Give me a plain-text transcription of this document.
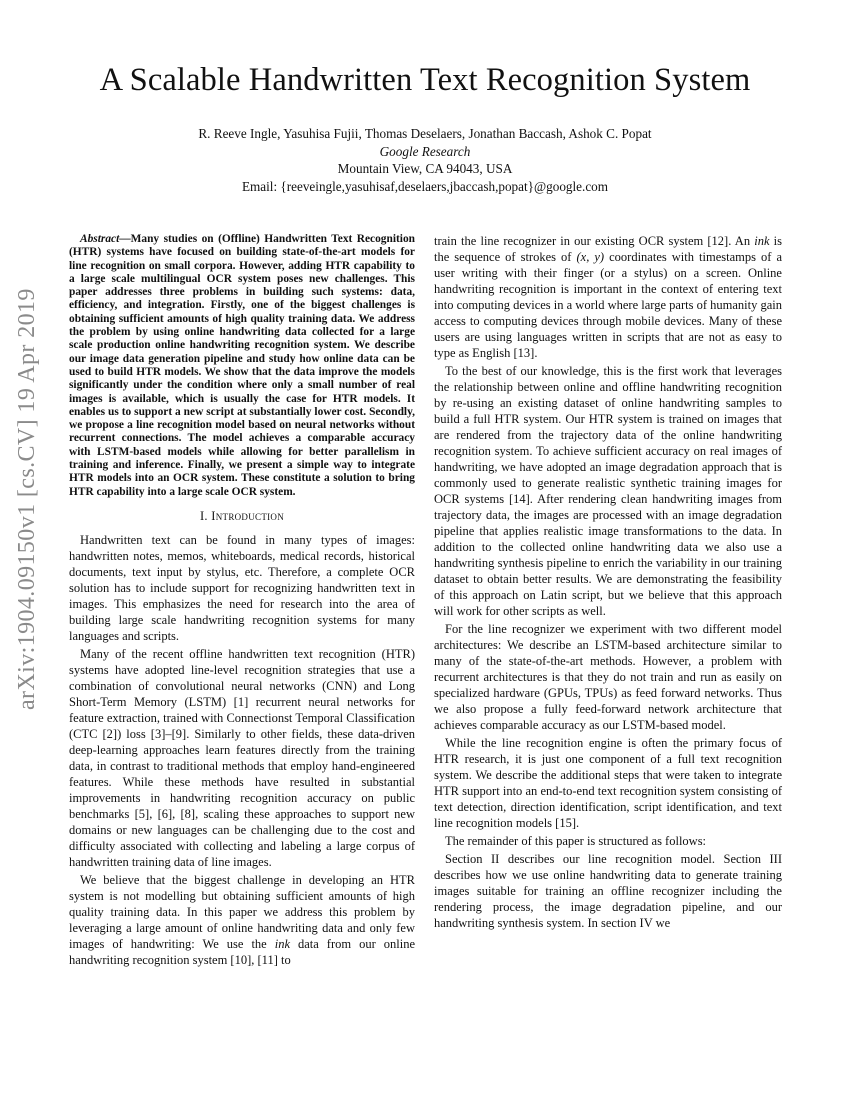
arXiv:1904.09150v1 [cs.CV] 19 Apr 2019
A Scalable Handwritten Text Recognition System
R. Reeve Ingle, Yasuhisa Fujii, Thomas Deselaers, Jonathan Baccash, Ashok C. Popat
Google Research
Mountain View, CA 94043, USA
Email: {reeveingle,yasuhisaf,deselaers,jbaccash,popat}@google.com

Abstract—Many studies on (Offline) Handwritten Text Recognition (HTR) systems have focused on building state-of-the-art models for line recognition on small corpora. However, adding HTR capability to a large scale multilingual OCR system poses new challenges. This paper addresses three problems in building such systems: data, efficiency, and integration. Firstly, one of the biggest challenges is obtaining sufficient amounts of high quality training data. We address the problem by using online handwriting data collected for a large scale production online handwriting recognition system. We describe our image data generation pipeline and study how online data can be used to build HTR models. We show that the data improve the models significantly under the condition where only a small number of real images is available, which is usually the case for HTR models. It enables us to support a new script at substantially lower cost. Secondly, we propose a line recognition model based on neural networks without recurrent connections. The model achieves a comparable accuracy with LSTM-based models while allowing for better parallelism in training and inference. Finally, we present a simple way to integrate HTR models into an OCR system. These constitute a solution to bring HTR capability into a large scale OCR system.

I. Introduction

Handwritten text can be found in many types of images: handwritten notes, memos, whiteboards, medical records, historical documents, text input by stylus, etc. Therefore, a complete OCR solution has to include support for recognizing handwritten text in images. This emphasizes the need for research into the area of building large scale handwriting recognition systems for many languages and scripts.

Many of the recent offline handwritten text recognition (HTR) systems have adopted line-level recognition strategies that use a combination of convolutional neural networks (CNN) and Long Short-Term Memory (LSTM) [1] recurrent neural networks for feature extraction, trained with Connectionst Temporal Classification (CTC [2]) loss [3]–[9]. Similarly to other fields, these data-driven deep-learning approaches learn features directly from the training data, in contrast to traditional methods that employ hand-engineered features. While these methods have resulted in substantial improvements in handwriting recognition accuracy on public benchmarks [5], [6], [8], scaling these approaches to support new domains or new languages can be challenging due to the cost and difficulty associated with collecting and labeling a large corpus of handwritten training data of line images.

We believe that the biggest challenge in developing an HTR system is not modelling but obtaining sufficient amounts of high quality training data. In this paper we address this problem by leveraging a large amount of online handwriting data and only few images of handwriting: We use the ink data from our online handwriting recognition system [10], [11] to

train the line recognizer in our existing OCR system [12]. An ink is the sequence of strokes of (x, y) coordinates with timestamps of a user writing with their finger (or a stylus) on a screen. Online handwriting recognition is important in the context of entering text into computing devices in a world where large parts of humanity gain access to computing devices through mobile devices. Many of these users are using languages written in scripts that are not as easy to type as English [13].

To the best of our knowledge, this is the first work that leverages the relationship between online and offline handwriting recognition by re-using an existing dataset of online handwriting samples to build a full HTR system. Our HTR system is trained on images that are rendered from the trajectory data of the online handwriting recognition system. To achieve sufficient accuracy on real images of handwriting, we have adopted an image degradation approach that is commonly used to generate realistic synthetic training images for OCR systems [14]. After rendering clean handwriting images from trajectory data, the images are processed with an image degradation pipeline that applies realistic image transformations to the data. In addition to the collected online handwriting data we also use a handwriting synthesis pipeline to enrich the variability in our training dataset to obtain better results. We are demonstrating the feasibility of this approach on Latin script, but we believe that this approach will work for other scripts as well.

For the line recognizer we experiment with two different model architectures: We describe an LSTM-based architecture similar to many of the state-of-the-art methods. However, a problem with recurrent architectures is that they do not train and run as easily on specialized hardware (GPUs, TPUs) as feed forward networks. Thus we also propose a fully feed-forward network architecture that achieves comparable accuracy as our LSTM-based model.

While the line recognition engine is often the primary focus of HTR research, it is just one component of a full text recognition system. We describe the additional steps that were taken to integrate HTR support into an end-to-end text recognition system consisting of text detection, direction identification, script identification, and text line recognition models [15].

The remainder of this paper is structured as follows:

Section II describes our line recognition model. Section III describes how we use online handwriting data to generate training images suitable for training an offline recognizer including the rendering process, the image degradation pipeline, and our handwriting synthesis system. In section IV we
